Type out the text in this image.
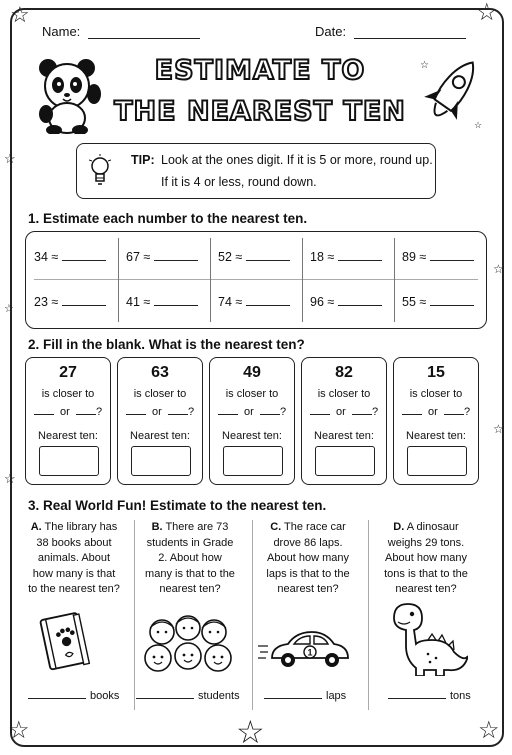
☆	☆
☆
☆
☆
☆
☆
☆	☆	☆
Name:	Date:
ESTIMATE TO
THE NEAREST TEN
☆
☆
TIP: Look at the ones digit. If it is 5 or more, round up.
If it is 4 or less, round down.
1. Estimate each number to the nearest ten.
34 ≈	67 ≈	52 ≈	18 ≈	89 ≈
23 ≈	41 ≈	74 ≈	96 ≈	55 ≈
2. Fill in the blank. What is the nearest ten?
27
is closer to
or ?
Nearest ten:
63
is closer to
or ?
Nearest ten:
49
is closer to
or ?
Nearest ten:
82
is closer to
or ?
Nearest ten:
15
is closer to
or ?
Nearest ten:
3. Real World Fun! Estimate to the nearest ten.
A. The library has 38 books about animals. About how many is that to the nearest ten?
B. There are 73 students in Grade 2. About how many is that to the nearest ten?
C. The race car drove 86 laps. About how many laps is that to the nearest ten?
D. A dinosaur weighs 29 tons. About how many tons is that to the nearest ten?
1
books	students	laps	tons
